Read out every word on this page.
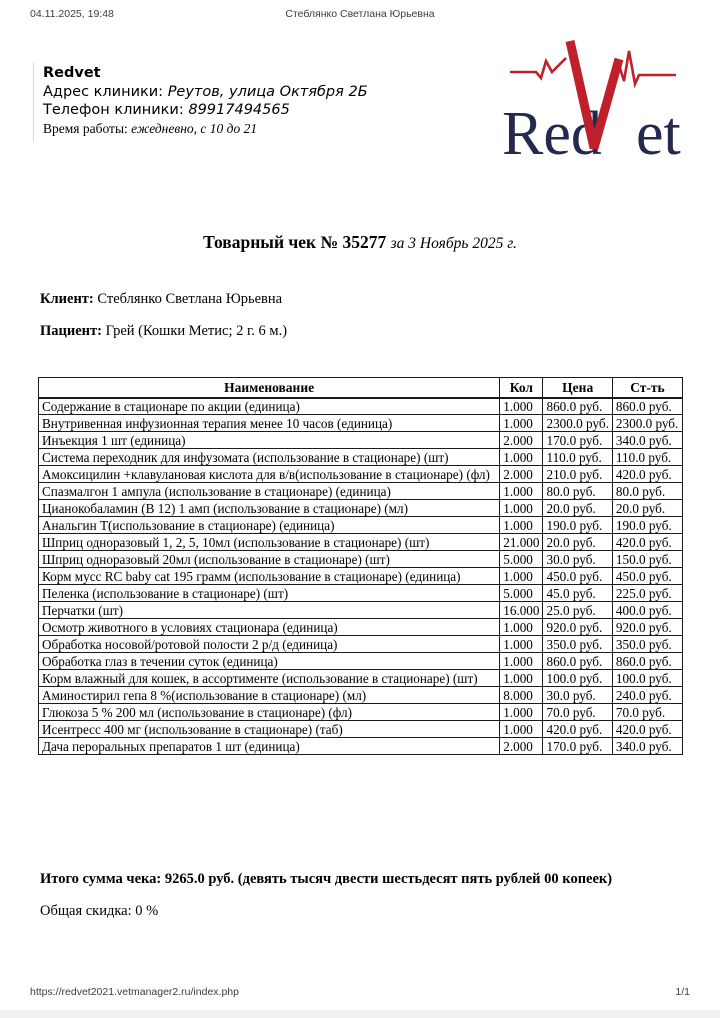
04.11.2025, 19:48	Стеблянко Светлана Юрьевна
Redvet
Адрес клиники: Реутов, улица Октября 2Б
Телефон клиники: 89917494565
Время работы: ежедневно, с 10 до 21	Red et
Товарный чек № 35277 за 3 Ноябрь 2025 г.
Клиент: Стеблянко Светлана Юрьевна
Пациент: Грей (Кошки Метис; 2 г. 6 м.)
Наименование	Кол	Цена	Ст-ть
Содержание в стационаре по акции (единица)	1.000	860.0 руб.	860.0 руб.
Внутривенная инфузионная терапия менее 10 часов (единица)	1.000	2300.0 руб.	2300.0 руб.
Инъекция 1 шт (единица)	2.000	170.0 руб.	340.0 руб.
Система переходник для инфузомата (использование в стационаре) (шт)	1.000	110.0 руб.	110.0 руб.
Амоксицилин +клавулановая кислота для в/в(использование в стационаре) (фл)	2.000	210.0 руб.	420.0 руб.
Спазмалгон 1 ампула (использование в стационаре) (единица)	1.000	80.0 руб.	80.0 руб.
Цианокобаламин (В 12) 1 амп (использование в стационаре) (мл)	1.000	20.0 руб.	20.0 руб.
Анальгин Т(использование в стационаре) (единица)	1.000	190.0 руб.	190.0 руб.
Шприц одноразовый 1, 2, 5, 10мл (использование в стационаре) (шт)	21.000	20.0 руб.	420.0 руб.
Шприц одноразовый 20мл (использование в стационаре) (шт)	5.000	30.0 руб.	150.0 руб.
Корм мусс RC baby cat 195 грамм (использование в стационаре) (единица)	1.000	450.0 руб.	450.0 руб.
Пеленка (использование в стационаре) (шт)	5.000	45.0 руб.	225.0 руб.
Перчатки (шт)	16.000	25.0 руб.	400.0 руб.
Осмотр животного в условиях стационара (единица)	1.000	920.0 руб.	920.0 руб.
Обработка носовой/ротовой полости 2 р/д (единица)	1.000	350.0 руб.	350.0 руб.
Обработка глаз в течении суток (единица)	1.000	860.0 руб.	860.0 руб.
Корм влажный для кошек, в ассортименте (использование в стационаре) (шт)	1.000	100.0 руб.	100.0 руб.
Аминостирил гепа 8 %(использование в стационаре) (мл)	8.000	30.0 руб.	240.0 руб.
Глюкоза 5 % 200 мл (использование в стационаре) (фл)	1.000	70.0 руб.	70.0 руб.
Исентресс 400 мг (использование в стационаре) (таб)	1.000	420.0 руб.	420.0 руб.
Дача пероральных препаратов 1 шт (единица)	2.000	170.0 руб.	340.0 руб.
Итого сумма чека: 9265.0 руб. (девять тысяч двести шестьдесят пять рублей 00 копеек)
Общая скидка: 0 %
https://redvet2021.vetmanager2.ru/index.php	1/1
